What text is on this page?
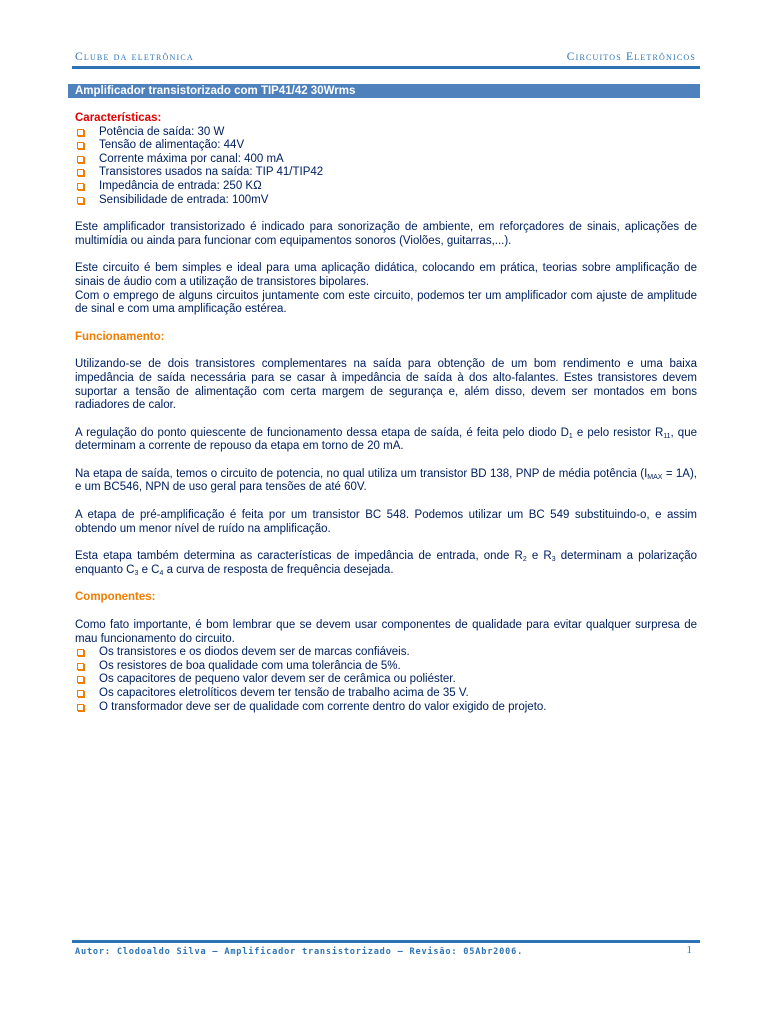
Clube da eletrônica	Circuitos Eletrônicos
Amplificador transistorizado com TIP41/42 30Wrms

Características:

Potência de saída: 30 W
Tensão de alimentação: 44V
Corrente máxima por canal: 400 mA
Transistores usados na saída: TIP 41/TIP42
Impedância de entrada: 250 KΩ
Sensibilidade de entrada: 100mV

Este amplificador transistorizado é indicado para sonorização de ambiente, em reforçadores de sinais, aplicações de multimídia ou ainda para funcionar com equipamentos sonoros (Violões, guitarras,...).

Este circuito é bem simples e ideal para uma aplicação didática, colocando em prática, teorias sobre amplificação de sinais de áudio com a utilização de transistores bipolares.

Com o emprego de alguns circuitos juntamente com este circuito, podemos ter um amplificador com ajuste de amplitude de sinal e com uma amplificação estérea.

Funcionamento:

Utilizando-se de dois transistores complementares na saída para obtenção de um bom rendimento e uma baixa impedância de saída necessária para se casar à impedância de saída à dos alto-falantes. Estes transistores devem suportar a tensão de alimentação com certa margem de segurança e, além disso, devem ser montados em bons radiadores de calor.

A regulação do ponto quiescente de funcionamento dessa etapa de saída, é feita pelo diodo $D_1$ e pelo resistor $R_{11}$, que determinam a corrente de repouso da etapa em torno de 20 mA.

Na etapa de saída, temos o circuito de potencia, no qual utiliza um transistor BD 138, PNP de média potência $(I_{MAX} = 1A)$, e um BC546, NPN de uso geral para tensões de até 60V.

A etapa de pré-amplificação é feita por um transistor BC 548. Podemos utilizar um BC 549 substituindo-o, e assim obtendo um menor nível de ruído na amplificação.

Esta etapa também determina as características de impedância de entrada, onde $R_2$ e $R_3$ determinam a polarização enquanto $C_3$ e $C_4$ a curva de resposta de frequência desejada.

Componentes:

Como fato importante, é bom lembrar que se devem usar componentes de qualidade para evitar qualquer surpresa de mau funcionamento do circuito.

Os transistores e os diodos devem ser de marcas confiáveis.
Os resistores de boa qualidade com uma tolerância de 5%.
Os capacitores de pequeno valor devem ser de cerâmica ou poliéster.
Os capacitores eletrolíticos devem ter tensão de trabalho acima de 35 V.
O transformador deve ser de qualidade com corrente dentro do valor exigido de projeto.
Autor: Clodoaldo Silva – Amplificador transistorizado – Revisão: 05Abr2006.	1
